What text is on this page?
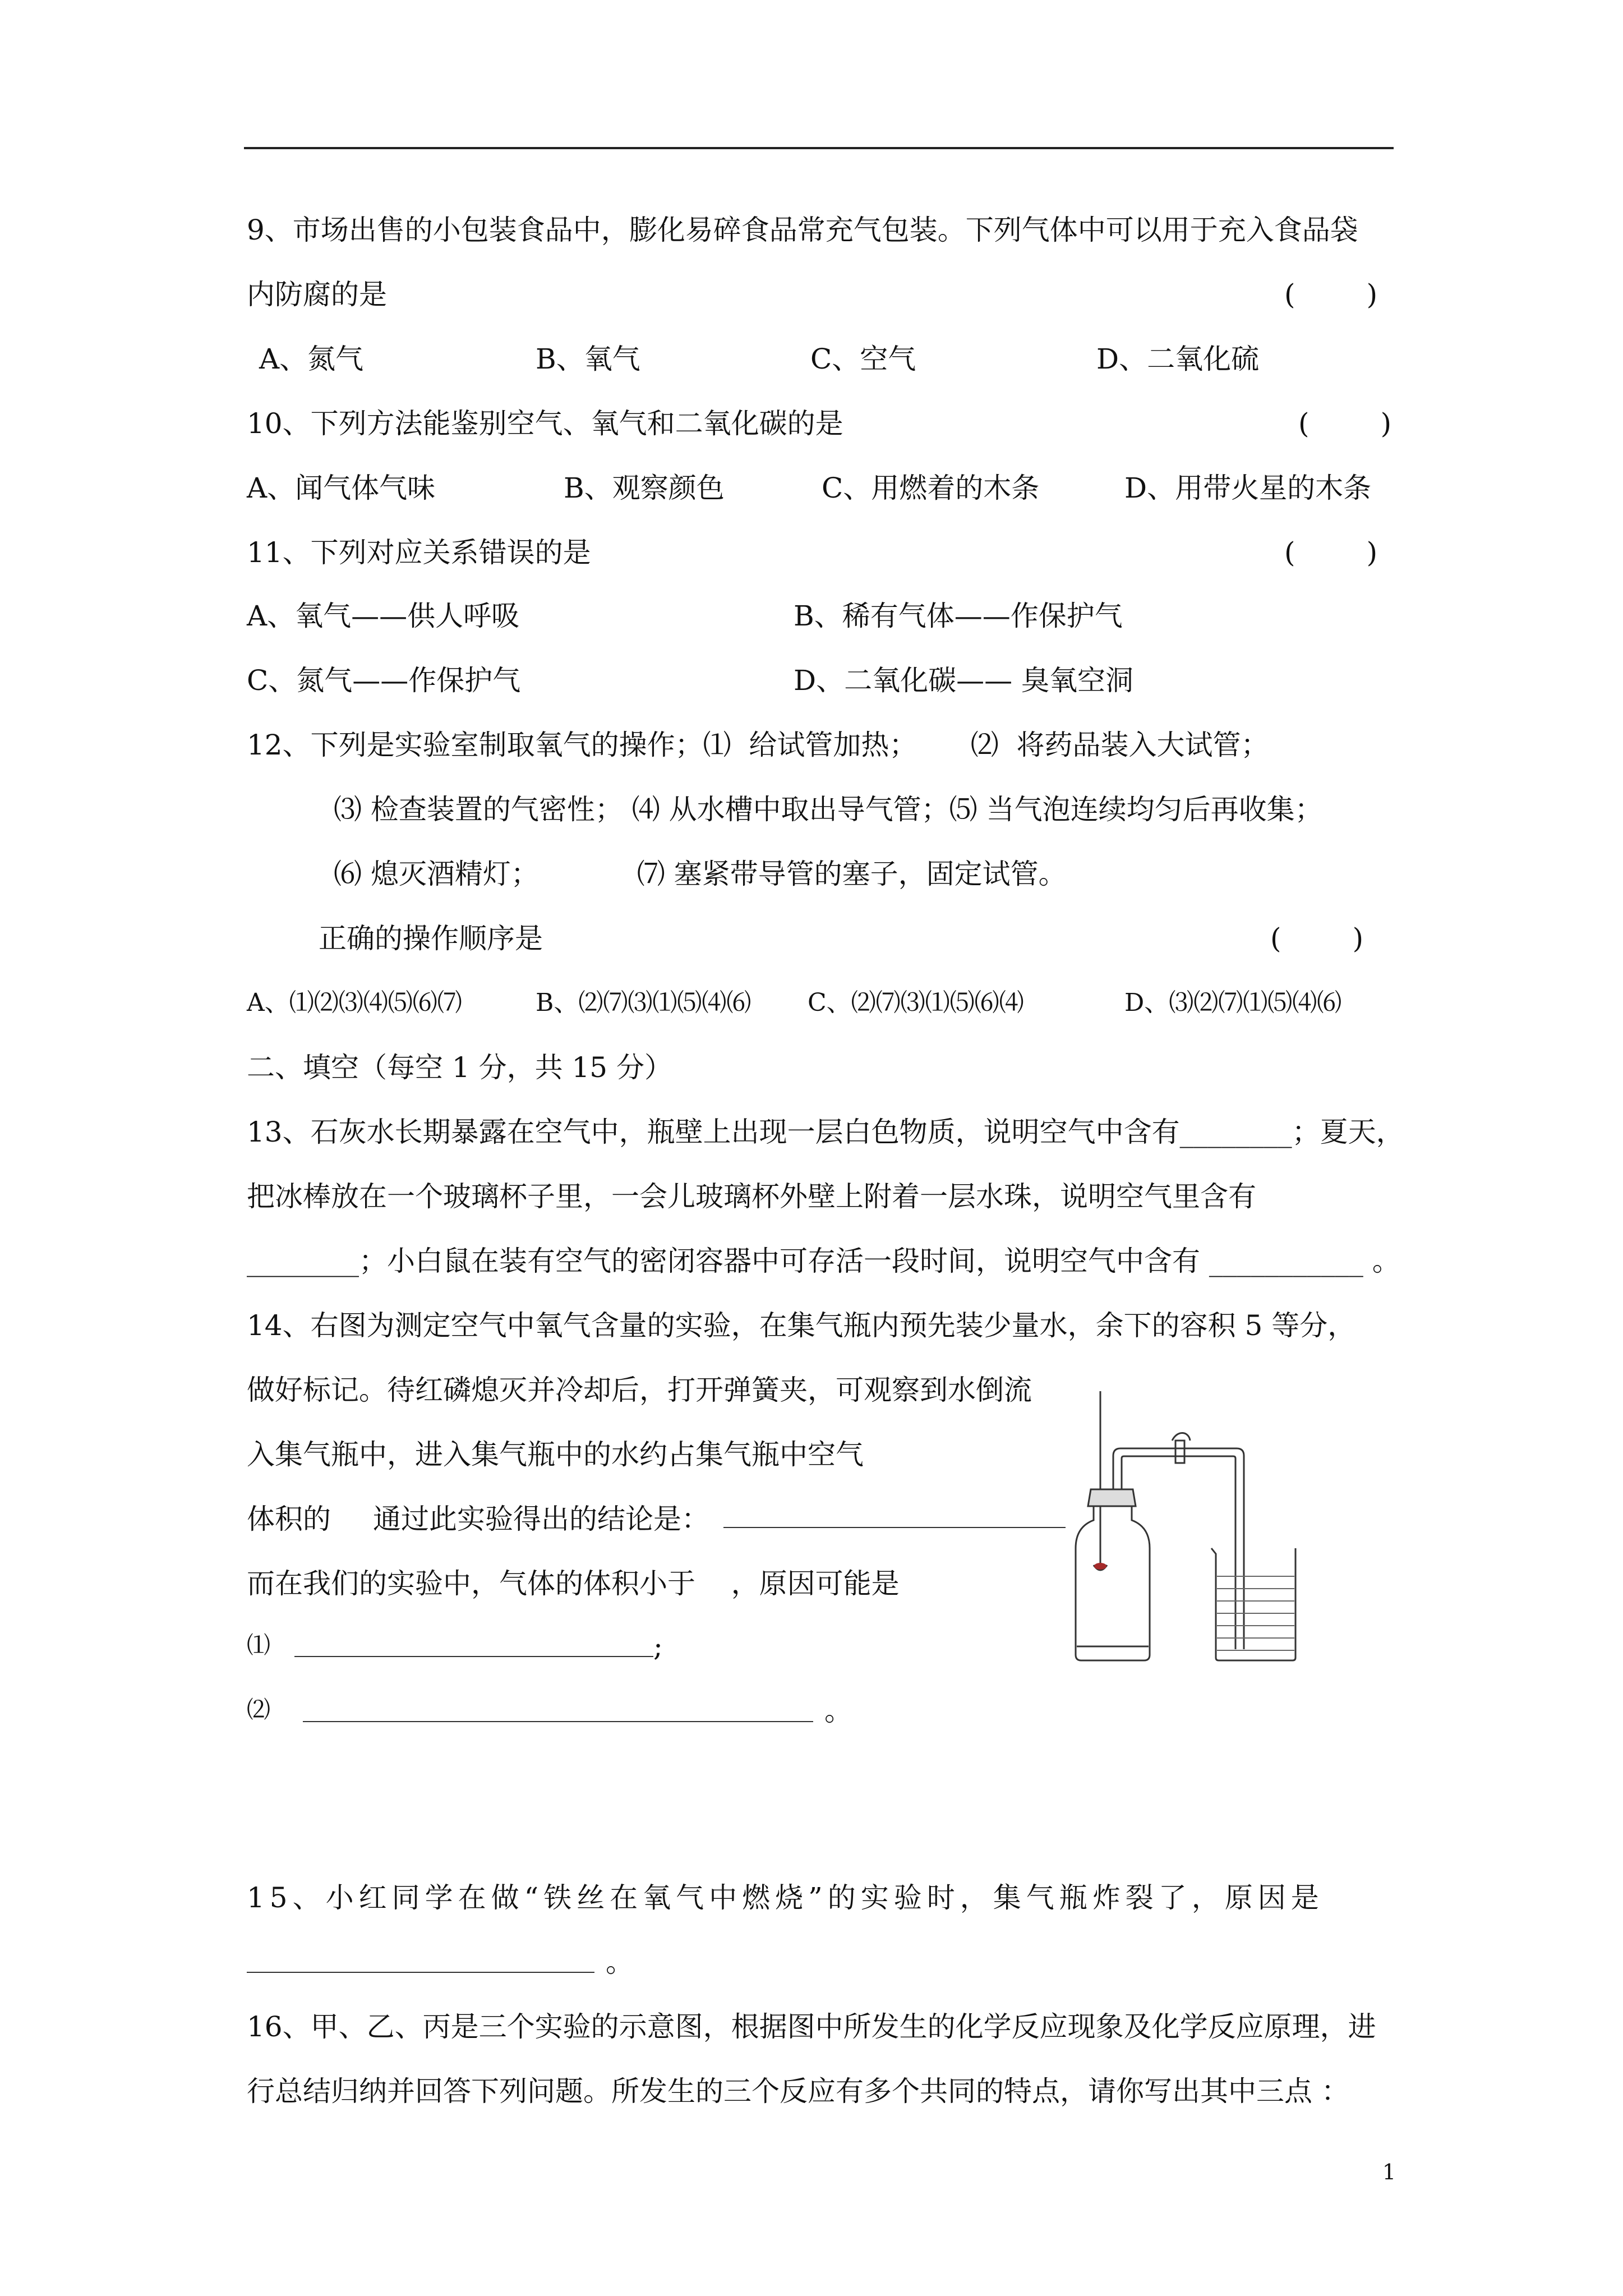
9、市场出售的小包装食品中，膨化易碎食品常充气包装。下列气体中可以用于充入食品袋
内防腐的是	(        )
A、氮气	B、氧气	C、空气	D、二氧化硫
10、下列方法能鉴别空气、氧气和二氧化碳的是	(        )
A、闻气体气味	B、观察颜色	C、用燃着的木条	D、用带火星的木条
11、下列对应关系错误的是	(        )
A、氧气——供人呼吸	B、稀有气体——作保护气
C、氮气——作保护气	D、二氧化碳—— 臭氧空洞
12、下列是实验室制取氧气的操作；⑴  给试管加热；      ⑵  将药品装入大试管；
⑶ 检查装置的气密性； ⑷ 从水槽中取出导气管；⑸ 当气泡连续均匀后再收集；
⑹ 熄灭酒精灯；           ⑺ 塞紧带导管的塞子，固定试管。
正确的操作顺序是	(        )
A、⑴⑵⑶⑷⑸⑹⑺	B、⑵⑺⑶⑴⑸⑷⑹ C、⑵⑺⑶⑴⑸⑹⑷	D、⑶⑵⑺⑴⑸⑷⑹
二、填空（每空 1 分，共 15 分）
13、石灰水长期暴露在空气中，瓶壁上出现一层白色物质，说明空气中含有________；夏天，
把冰棒放在一个玻璃杯子里，一会儿玻璃杯外壁上附着一层水珠，说明空气里含有
________；小白鼠在装有空气的密闭容器中可存活一段时间，说明空气中含有 ___________ 。
14、右图为测定空气中氧气含量的实验，在集气瓶内预先装少量水，余下的容积 5 等分，
做好标记。待红磷熄灭并冷却后，打开弹簧夹，可观察到水倒流
入集气瓶中，进入集气瓶中的水约占集气瓶中空气
体积的 通过此实验得出的结论是：
而在我们的实验中，气体的体积小于    ，原因可能是
⑴	;
⑵	。
15、小红同学在做“铁丝在氧气中燃烧”的实验时，集气瓶炸裂了，原因是
。
16、甲、乙、丙是三个实验的示意图，根据图中所发生的化学反应现象及化学反应原理，进
行总结归纳并回答下列问题。所发生的三个反应有多个共同的特点，请你写出其中三点 ：
1
